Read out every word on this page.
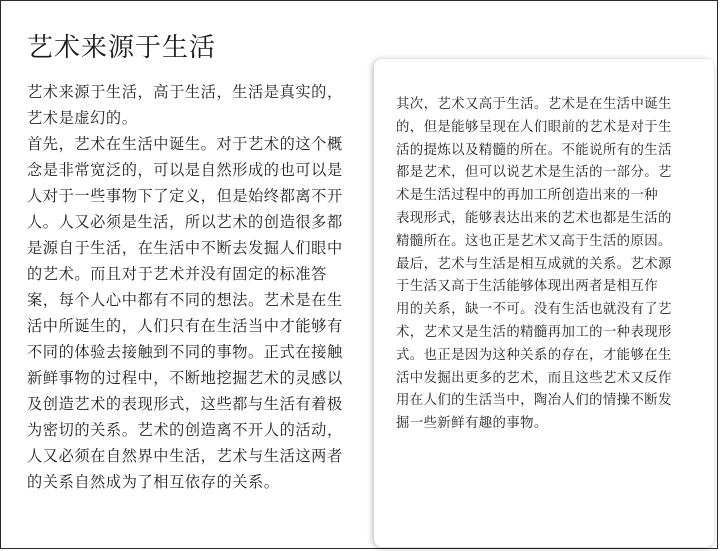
艺术来源于生活
艺术来源于生活，高于生活，生活是真实的，
艺术是虚幻的。
首先，艺术在生活中诞生。对于艺术的这个概
念是非常宽泛的，可以是自然形成的也可以是
人对于一些事物下了定义，但是始终都离不开
人。人又必须是生活，所以艺术的创造很多都
是源自于生活，在生活中不断去发掘人们眼中
的艺术。而且对于艺术并没有固定的标准答
案，每个人心中都有不同的想法。艺术是在生
活中所诞生的，人们只有在生活当中才能够有
不同的体验去接触到不同的事物。正式在接触
新鲜事物的过程中，不断地挖掘艺术的灵感以
及创造艺术的表现形式，这些都与生活有着极
为密切的关系。艺术的创造离不开人的活动，
人又必须在自然界中生活，艺术与生活这两者
的关系自然成为了相互依存的关系。
其次，艺术又高于生活。艺术是在生活中诞生
的，但是能够呈现在人们眼前的艺术是对于生
活的提炼以及精髓的所在。不能说所有的生活
都是艺术，但可以说艺术是生活的一部分。艺
术是生活过程中的再加工所创造出来的一种
表现形式，能够表达出来的艺术也都是生活的
精髓所在。这也正是艺术又高于生活的原因。
最后，艺术与生活是相互成就的关系。艺术源
于生活又高于生活能够体现出两者是相互作
用的关系，缺一不可。没有生活也就没有了艺
术，艺术又是生活的精髓再加工的一种表现形
式。也正是因为这种关系的存在，才能够在生
活中发掘出更多的艺术，而且这些艺术又反作
用在人们的生活当中，陶冶人们的情操不断发
掘一些新鲜有趣的事物。
